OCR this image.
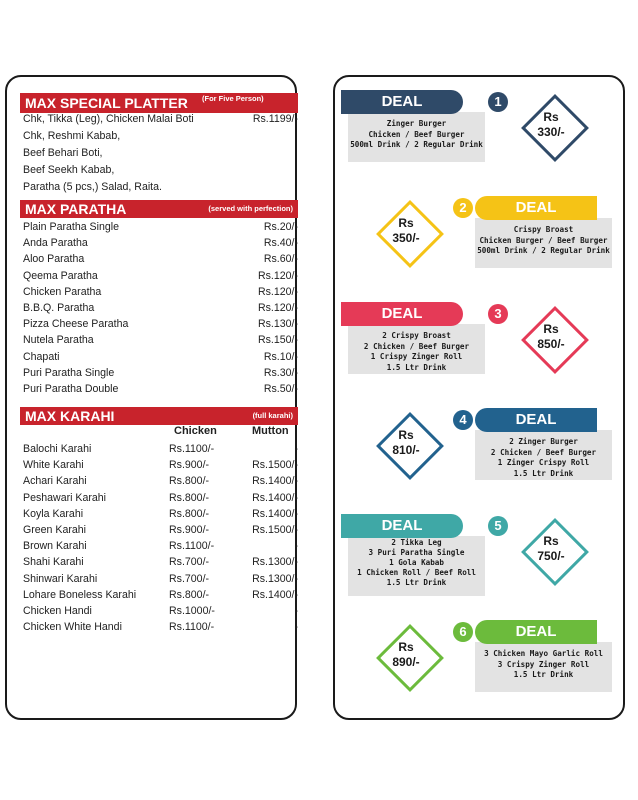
MAX SPECIAL PLATTER (For Five Person)
Chk, Tikka (Leg), Chicken Malai Boti	Rs.1199/-
Chk, Reshmi Kabab,
Beef Behari Boti,
Beef Seekh Kabab,
Paratha (5 pcs,) Salad, Raita.
MAX PARATHA	(served with perfection)
MAX KARAHI	(full karahi)
Chicken	Mutton
Plain Paratha Single	Rs.20/-
Anda Paratha	Rs.40/-
Aloo Paratha	Rs.60/-
Qeema Paratha	Rs.120/-
Chicken Paratha	Rs.120/-
B.B.Q. Paratha	Rs.120/-
Pizza Cheese Paratha	Rs.130/-
Nutela Paratha	Rs.150/-
Chapati	Rs.10/-
Puri Paratha Single	Rs.30/-
Puri Paratha Double	Rs.50/-
Balochi Karahi	Rs.1100/-	-
White Karahi	Rs.900/-	Rs.1500/-
Achari Karahi	Rs.800/-	Rs.1400/-
Peshawari Karahi	Rs.800/-	Rs.1400/-
Koyla Karahi	Rs.800/-	Rs.1400/-
Green Karahi	Rs.900/-	Rs.1500/-
Brown Karahi	Rs.1100/-	-
Shahi Karahi	Rs.700/-	Rs.1300/-
Shinwari Karahi	Rs.700/-	Rs.1300/-
Lohare Boneless Karahi	Rs.800/-	Rs.1400/-
Chicken Handi	Rs.1000/-	-
Chicken White Handi	Rs.1100/-	-
Rs
330/-
Zinger Burger
Chicken / Beef Burger
500ml Drink / 2 Regular Drink
DEAL	1
Rs
350/-
Crispy Broast
Chicken Burger / Beef Burger
500ml Drink / 2 Regular Drink
DEAL
2
Rs
850/-
2 Crispy Broast
2 Chicken / Beef Burger
1 Crispy Zinger Roll
1.5 Ltr Drink
DEAL	3
Rs
810/-
2 Zinger Burger
2 Chicken / Beef Burger
1 Zinger Crispy Roll
1.5 Ltr Drink
DEAL
4
Rs
750/-
2 Tikka Leg
3 Puri Paratha Single
1 Gola Kabab
1 Chicken Roll / Beef Roll
1.5 Ltr Drink
DEAL	5
Rs
890/-
3 Chicken Mayo Garlic Roll
3 Crispy Zinger Roll
1.5 Ltr Drink
DEAL
6
